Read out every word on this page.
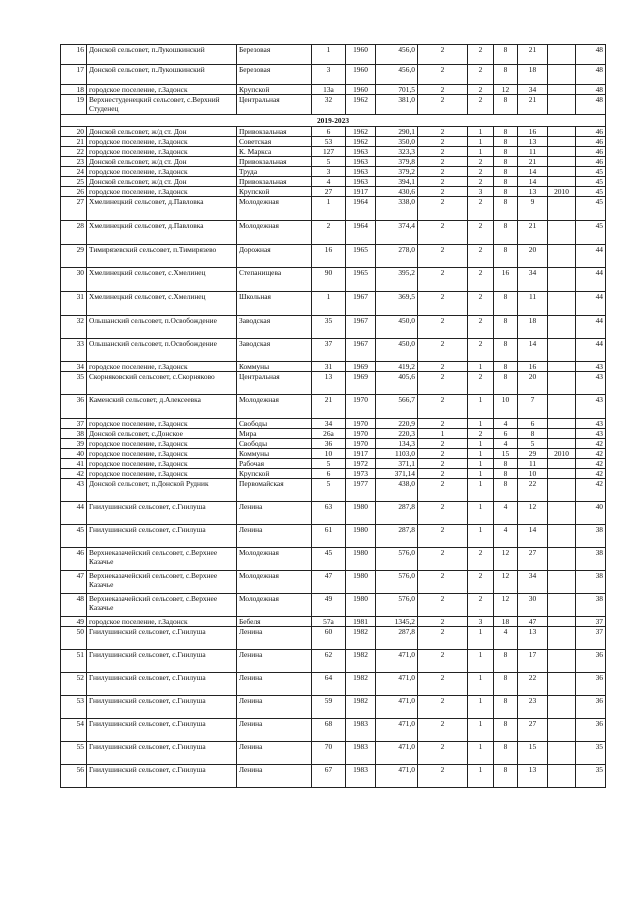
16	Донской сельсовет, п.Лукошкинский	Березовая	1	1960	456,0	2	2	8	21		48
17	Донской сельсовет, п.Лукошкинский	Березовая	3	1960	456,0	2	2	8	18		48
18	городское поселение, г.Задонск	Крупской	13а	1960	701,5	2	2	12	34		48
19	Верхнестуденецкий сельсовет, с.Верхний Студенец	Центральная	32	1962	381,0	2	2	8	21		48
2019-2023											
20	Донской сельсовет, ж/д ст. Дон	Привокзальная	6	1962	290,1	2	1	8	16		46
21	городское поселение, г.Задонск	Советская	53	1962	350,0	2	1	8	13		46
22	городское поселение, г.Задонск	К. Маркса	127	1963	323,3	2	1	8	11		46
23	Донской сельсовет, ж/д ст. Дон	Привокзальная	5	1963	379,8	2	2	8	21		46
24	городское поселение, г.Задонск	Труда	3	1963	379,2	2	2	8	14		45
25	Донской сельсовет, ж/д ст. Дон	Привокзальная	4	1963	394,1	2	2	8	14		45
26	городское поселение, г.Задонск	Крупской	27	1917	430,6	2	3	8	13	2010	45
27	Хмелинецкий сельсовет, д.Павловка	Молодежная	1	1964	338,0	2	2	8	9		45
28	Хмелинецкий сельсовет, д.Павловка	Молодежная	2	1964	374,4	2	2	8	21		45
29	Тимирязевский сельсовет, п.Тимирязево	Дорожная	16	1965	278,0	2	2	8	20		44
30	Хмелинецкий сельсовет, с.Хмелинец	Степанищева	90	1965	395,2	2	2	16	34		44
31	Хмелинецкий сельсовет, с.Хмелинец	Школьная	1	1967	369,5	2	2	8	11		44
32	Ольшанский сельсовет, п.Освобождение	Заводская	35	1967	450,0	2	2	8	18		44
33	Ольшанский сельсовет, п.Освобождение	Заводская	37	1967	450,0	2	2	8	14		44
34	городское поселение, г.Задонск	Коммуны	31	1969	419,2	2	1	8	16		43
35	Скорняковский сельсовет, с.Скорняково	Центральная	13	1969	405,6	2	2	8	20		43
36	Каменский сельсовет, д.Алексеевка	Молодежная	21	1970	566,7	2	1	10	7		43
37	городское поселение, г.Задонск	Свободы	34	1970	220,9	2	1	4	6		43
38	Донской сельсовет, с.Донское	Мира	26а	1970	220,3	1	2	6	8		43
39	городское поселение, г.Задонск	Свободы	36	1970	134,3	2	1	4	5		42
40	городское поселение, г.Задонск	Коммуны	10	1917	1103,0	2	1	15	29	2010	42
41	городское поселение, г.Задонск	Рабочая	5	1972	371,1	2	1	8	11		42
42	городское поселение, г.Задонск	Крупской	6	1973	371,14	2	1	8	10		42
43	Донской сельсовет, п.Донской Рудник	Первомайская	5	1977	438,0	2	1	8	22		42
44	Гнилушинский сельсовет, с.Гнилуша	Ленина	63	1980	287,8	2	1	4	12		40
45	Гнилушинский сельсовет, с.Гнилуша	Ленина	61	1980	287,8	2	1	4	14		38
46	Верхнеказачейский сельсовет, с.Верхнее Казачье	Молодежная	45	1980	576,0	2	2	12	27		38
47	Верхнеказачейский сельсовет, с.Верхнее Казачье	Молодежная	47	1980	576,0	2	2	12	34		38
48	Верхнеказачейский сельсовет, с.Верхнее Казачье	Молодежная	49	1980	576,0	2	2	12	30		38
49	городское поселение, г.Задонск	Бебеля	57а	1981	1345,2	2	3	18	47		37
50	Гнилушинский сельсовет, с.Гнилуша	Ленина	60	1982	287,8	2	1	4	13		37
51	Гнилушинский сельсовет, с.Гнилуша	Ленина	62	1982	471,0	2	1	8	17		36
52	Гнилушинский сельсовет, с.Гнилуша	Ленина	64	1982	471,0	2	1	8	22		36
53	Гнилушинский сельсовет, с.Гнилуша	Ленина	59	1982	471,0	2	1	8	23		36
54	Гнилушинский сельсовет, с.Гнилуша	Ленина	68	1983	471,0	2	1	8	27		36
55	Гнилушинский сельсовет, с.Гнилуша	Ленина	70	1983	471,0	2	1	8	15		35
56	Гнилушинский сельсовет, с.Гнилуша	Ленина	67	1983	471,0	2	1	8	13		35
